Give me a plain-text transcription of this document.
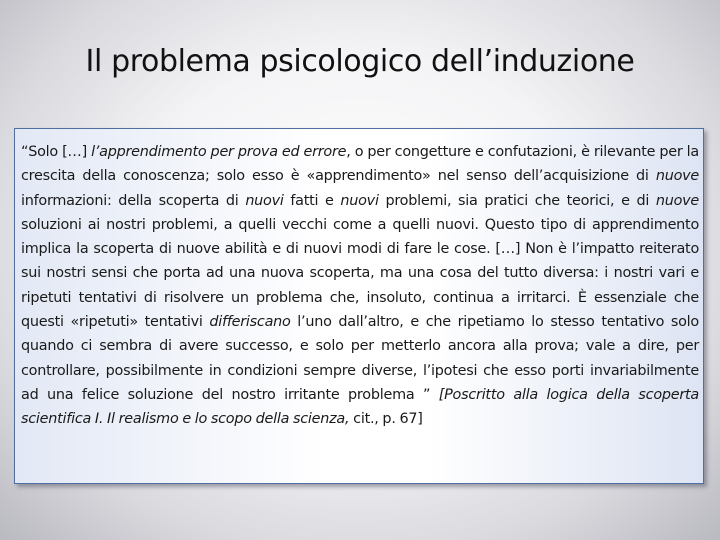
Il problema psicologico dell’induzione

“Solo […] l’apprendimento per prova ed errore, o per congetture e confutazioni, è rilevante per la crescita della conoscenza; solo esso è «apprendimento» nel senso dell’acquisizione di nuove informazioni: della scoperta di nuovi fatti e nuovi problemi, sia pratici che teorici, e di nuove soluzioni ai nostri problemi, a quelli vecchi come a quelli nuovi. Questo tipo di apprendimento implica la scoperta di nuove abilità e di nuovi modi di fare le cose. […] Non è l’impatto reiterato sui nostri sensi che porta ad una nuova scoperta, ma una cosa del tutto diversa: i nostri vari e ripetuti tentativi di risolvere un problema che, insoluto, continua a irritarci. È essenziale che questi «ripetuti» tentativi differiscano l’uno dall’altro, e che ripetiamo lo stesso tentativo solo quando ci sembra di avere successo, e solo per metterlo ancora alla prova; vale a dire, per controllare, possibilmente in condizioni sempre diverse, l’ipotesi che esso porti invariabilmente ad una felice soluzione del nostro irritante problema ” [Poscritto alla logica della scoperta scientifica I. Il realismo e lo scopo della scienza, cit., p. 67]
